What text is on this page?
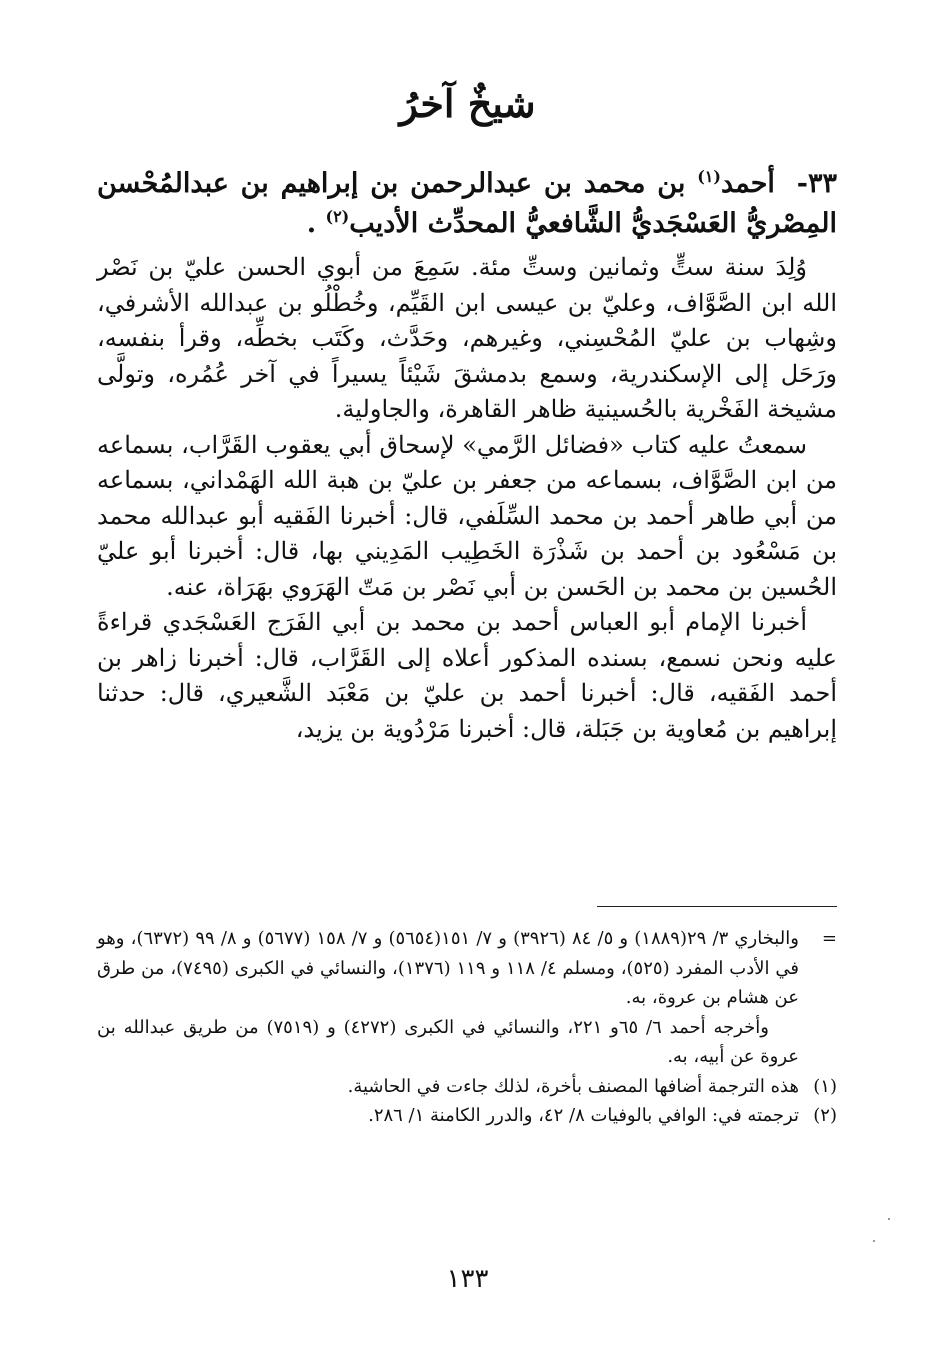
شيخٌ آخرُ
٣٣- أحمد$^{(١)}$ بن محمد بن عبدالرحمن بن إبراهيم بن عبدالمُحْسن المِصْريُّ العَسْجَديُّ الشَّافعيُّ المحدِّث الأديب$^{(٢)}$ .

وُلِدَ سنة ستٍّ وثمانين وستِّ مئة. سَمِعَ من أبوي الحسن عليّ بن نَصْر الله ابن الصَّوَّاف، وعليّ بن عيسى ابن القَيِّم، وخُطْلُو بن عبدالله الأشرفي، وشِهاب بن عليّ المُحْسِني، وغيرهم، وحَدَّث، وكَتَب بخطِّه، وقرأ بنفسه، ورَحَل إلى الإسكندرية، وسمع بدمشقَ شَيْئاً يسيراً في آخر عُمُره، وتولَّى مشيخة الفَخْرية بالحُسينية ظاهر القاهرة، والجاولية.

سمعتُ عليه كتاب «فضائل الرَّمي» لإسحاق أبي يعقوب القَرَّاب، بسماعه من ابن الصَّوَّاف، بسماعه من جعفر بن عليّ بن هبة الله الهَمْداني، بسماعه من أبي طاهر أحمد بن محمد السِّلَفي، قال: أخبرنا الفَقيه أبو عبدالله محمد بن مَسْعُود بن أحمد بن شَذْرَة الخَطِيب المَدِيني بها، قال: أخبرنا أبو عليّ الحُسين بن محمد بن الحَسن بن أبي نَصْر بن مَتّ الهَرَوي بهَرَاة، عنه.

أخبرنا الإمام أبو العباس أحمد بن محمد بن أبي الفَرَج العَسْجَدي قراءةً عليه ونحن نسمع، بسنده المذكور أعلاه إلى القَرَّاب، قال: أخبرنا زاهر بن أحمد الفَقيه، قال: أخبرنا أحمد بن عليّ بن مَعْبَد الشَّعيري، قال: حدثنا إبراهيم بن مُعاوية بن جَبَلة، قال: أخبرنا مَرْدُوية بن يزيد،

=
والبخاري ٣/ ٢٩(١٨٨٩) و ٥/ ٨٤ (٣٩٢٦) و ٧/ ١٥١(٥٦٥٤) و ٧/ ١٥٨ (٥٦٧٧) و ٨/ ٩٩ (٦٣٧٢)، وهو في الأدب المفرد (٥٢٥)، ومسلم ٤/ ١١٨ و ١١٩ (١٣٧٦)، والنسائي في الكبرى (٧٤٩٥)، من طرق عن هشام بن عروة، به.

وأخرجه أحمد ٦/ ٦٥و ٢٢١، والنسائي في الكبرى (٤٢٧٢) و (٧٥١٩) من طريق عبدالله بن عروة عن أبيه، به.

(١)
هذه الترجمة أضافها المصنف بأخرة، لذلك جاءت في الحاشية.

(٢)
ترجمته في: الوافي بالوفيات ٨/ ٤٢، والدرر الكامنة ١/ ٢٨٦.

١٣٣
